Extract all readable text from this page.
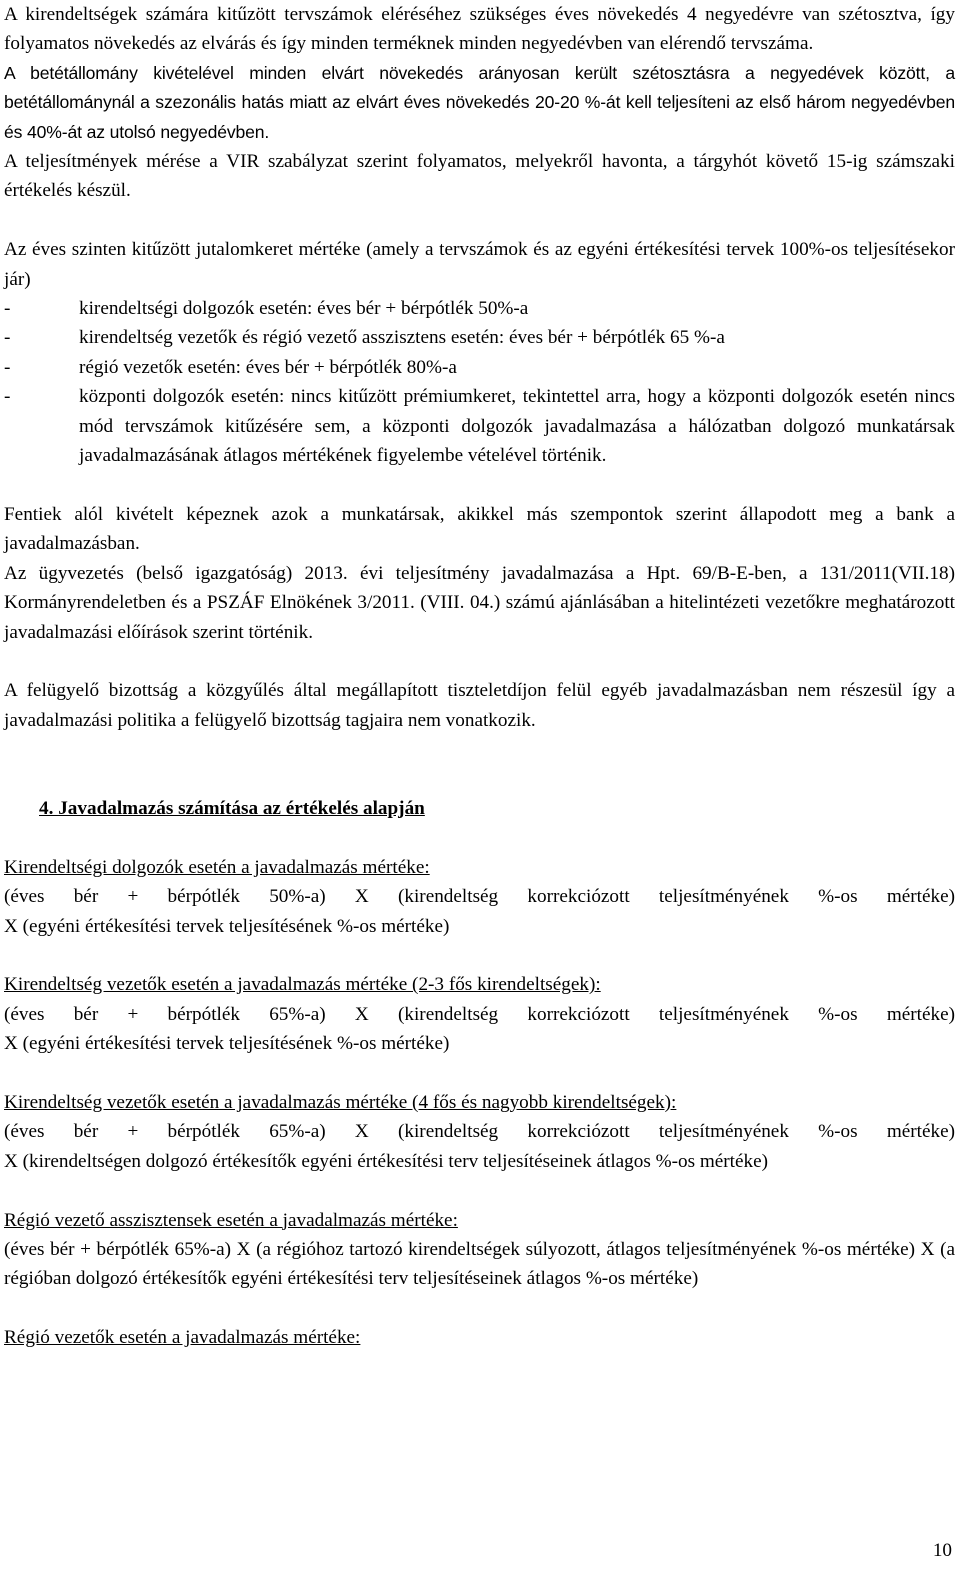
A kirendeltségek számára kitűzött tervszámok eléréséhez szükséges éves növekedés 4 negyedévre van szétosztva, így folyamatos növekedés az elvárás és így minden terméknek minden negyedévben van elérendő tervszáma.

A betétállomány kivételével minden elvárt növekedés arányosan került szétosztásra a negyedévek között, a betétállománynál a szezonális hatás miatt az elvárt éves növekedés 20-20 %-át kell teljesíteni az első három negyedévben és 40%-át az utolsó negyedévben.

A teljesítmények mérése a VIR szabályzat szerint folyamatos, melyekről havonta, a tárgyhót követő 15-ig számszaki értékelés készül.

Az éves szinten kitűzött jutalomkeret mértéke (amely a tervszámok és az egyéni értékesítési tervek 100%-os teljesítésekor jár)

-	kirendeltségi dolgozók esetén: éves bér + bérpótlék 50%-a
-	kirendeltség vezetők és régió vezető asszisztens esetén: éves bér + bérpótlék 65 %-a
-	régió vezetők esetén: éves bér + bérpótlék 80%-a
-	központi dolgozók esetén: nincs kitűzött prémiumkeret, tekintettel arra, hogy a központi dolgozók esetén nincs mód tervszámok kitűzésére sem, a központi dolgozók javadalmazása a hálózatban dolgozó munkatársak javadalmazásának átlagos mértékének figyelembe vételével történik.

Fentiek alól kivételt képeznek azok a munkatársak, akikkel más szempontok szerint állapodott meg a bank a javadalmazásban.

Az ügyvezetés (belső igazgatóság) 2013. évi teljesítmény javadalmazása a Hpt. 69/B-E-ben, a 131/2011(VII.18) Kormányrendeletben és a PSZÁF Elnökének 3/2011. (VIII. 04.) számú ajánlásában a hitelintézeti vezetőkre meghatározott javadalmazási előírások szerint történik.

A felügyelő bizottság a közgyűlés által megállapított tiszteletdíjon felül egyéb javadalmazásban nem részesül így a javadalmazási politika a felügyelő bizottság tagjaira nem vonatkozik.

4. Javadalmazás számítása az értékelés alapján

Kirendeltségi dolgozók esetén a javadalmazás mértéke:

(éves bér + bérpótlék 50%-a) X (kirendeltség korrekciózott teljesítményének %-os mértéke)

X (egyéni értékesítési tervek teljesítésének %-os mértéke)

Kirendeltség vezetők esetén a javadalmazás mértéke (2-3 fős kirendeltségek):

(éves bér + bérpótlék 65%-a) X (kirendeltség korrekciózott teljesítményének %-os mértéke)

X (egyéni értékesítési tervek teljesítésének %-os mértéke)

Kirendeltség vezetők esetén a javadalmazás mértéke (4 fős és nagyobb kirendeltségek):

(éves bér + bérpótlék 65%-a) X (kirendeltség korrekciózott teljesítményének %-os mértéke)

X (kirendeltségen dolgozó értékesítők egyéni értékesítési terv teljesítéseinek átlagos %-os mértéke)

Régió vezető asszisztensek esetén a javadalmazás mértéke:

(éves bér + bérpótlék 65%-a) X (a régióhoz tartozó kirendeltségek súlyozott, átlagos teljesítményének %-os mértéke) X (a régióban dolgozó értékesítők egyéni értékesítési terv teljesítéseinek átlagos %-os mértéke)

Régió vezetők esetén a javadalmazás mértéke:

10
